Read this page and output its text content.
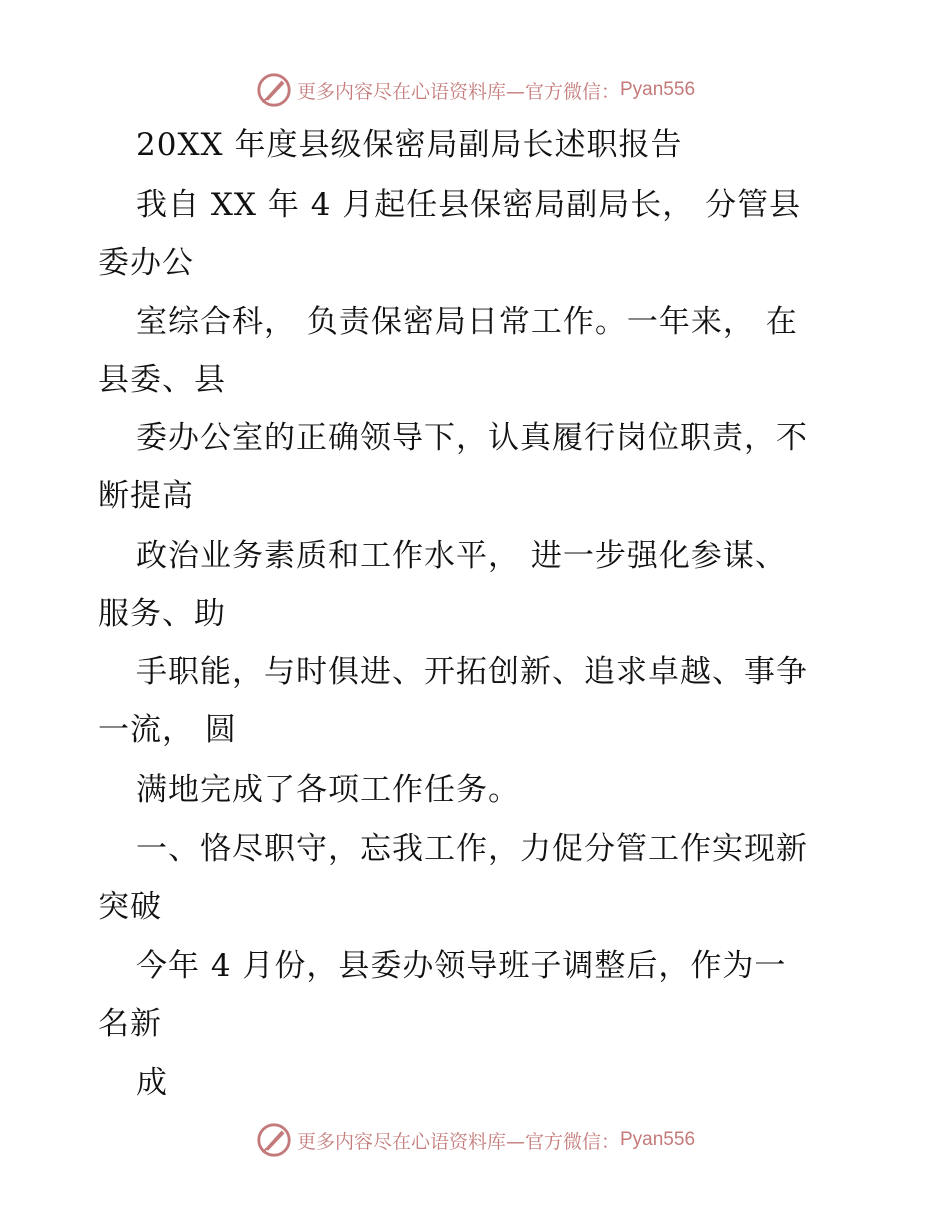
更多内容尽在心语资料库—官方微信： Pyan556
20XX 年度县级保密局副局长述职报告
我自 XX 年 4 月起任县保密局副局长， 分管县
委办公
室综合科， 负责保密局日常工作。一年来， 在
县委、县
委办公室的正确领导下，认真履行岗位职责，不
断提高
政治业务素质和工作水平， 进一步强化参谋、
服务、助
手职能，与时俱进、开拓创新、追求卓越、事争
一流， 圆
满地完成了各项工作任务。
一、恪尽职守，忘我工作，力促分管工作实现新
突破
今年 4 月份，县委办领导班子调整后，作为一
名新
成
更多内容尽在心语资料库—官方微信： Pyan556
